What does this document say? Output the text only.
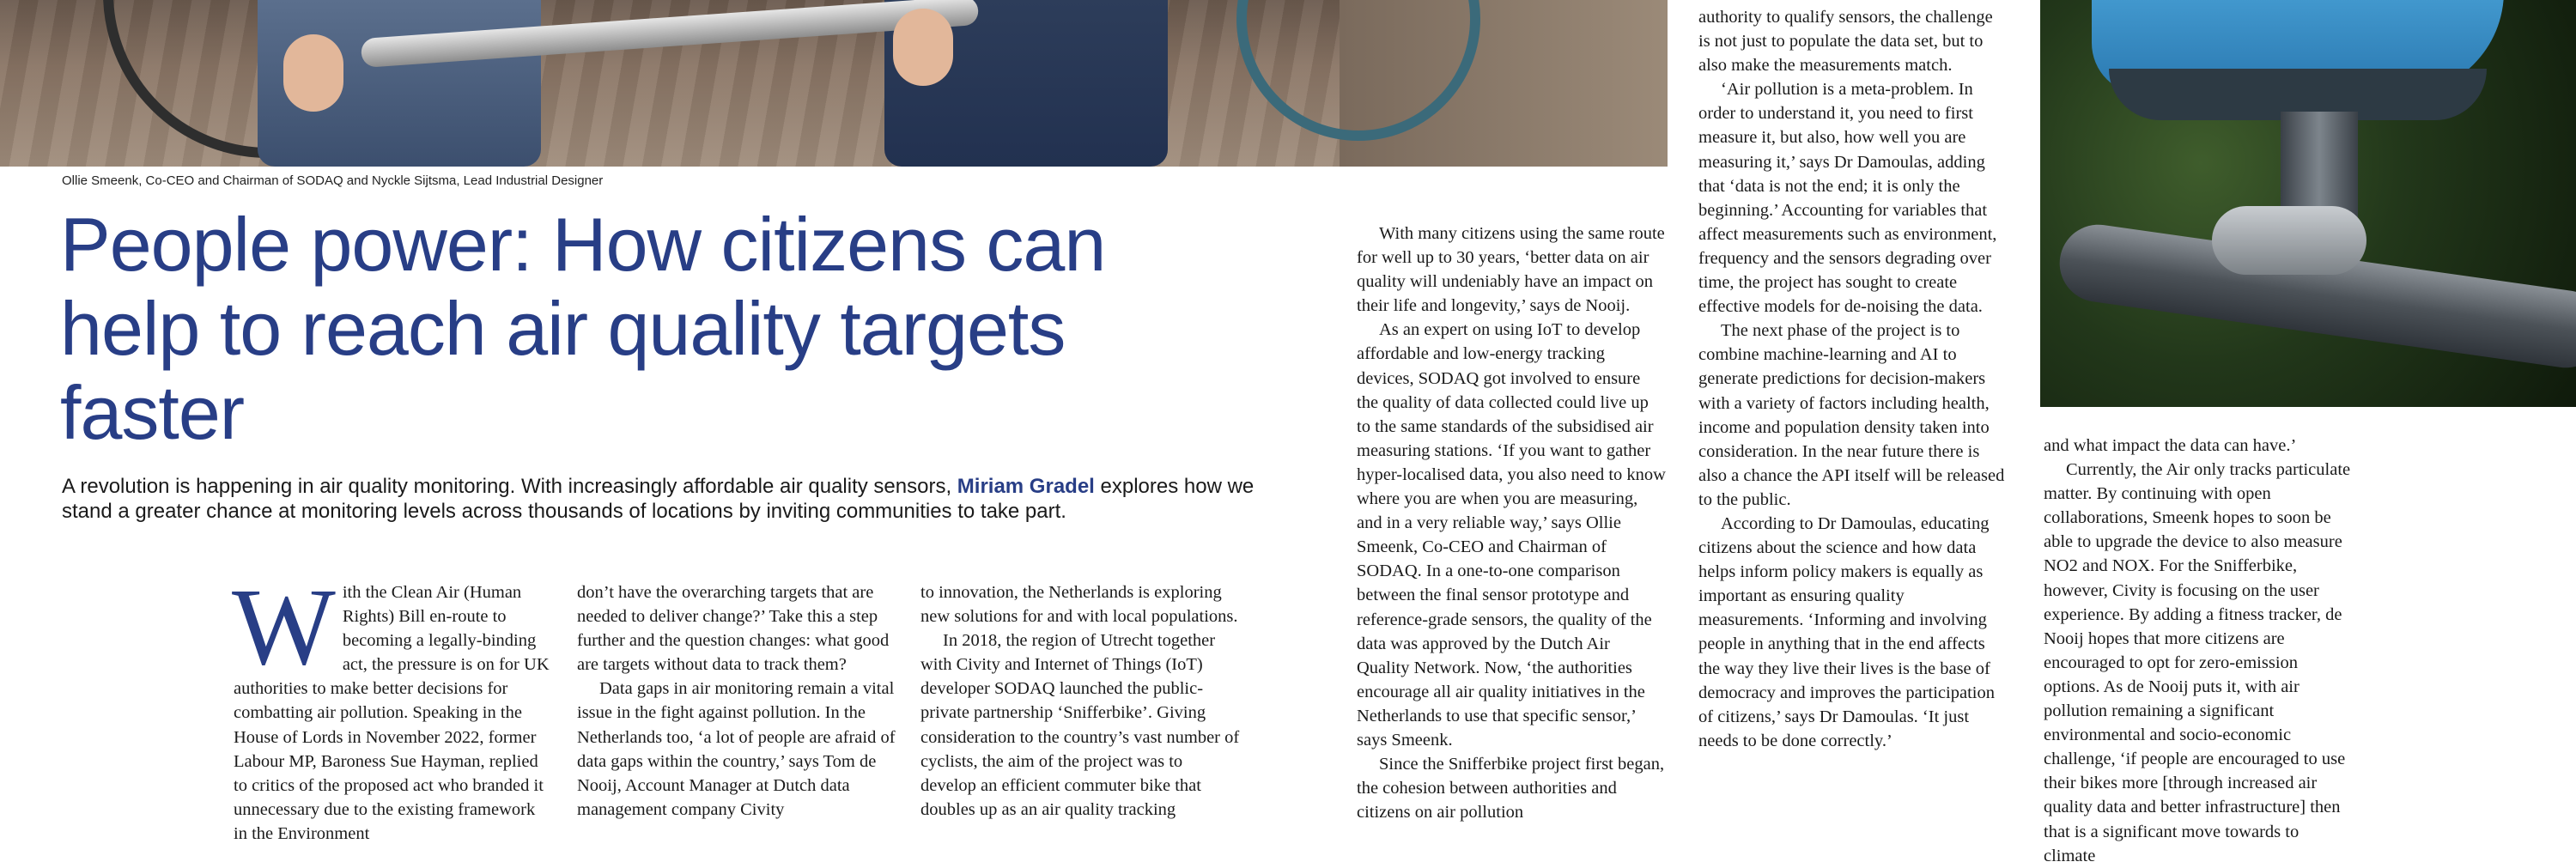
Ollie Smeenk, Co-CEO and Chairman of SODAQ and Nyckle Sijtsma, Lead Industrial Designer
People power: How citizens can help to reach air quality targets faster

A revolution is happening in air quality monitoring. With increasingly affordable air quality sensors, Miriam Gradel explores how we stand a greater chance at monitoring levels across thousands of locations by inviting communities to take part.

With the Clean Air (Human Rights) Bill en-route to becoming a legally-binding act, the pressure is on for UK authorities to make better decisions for combatting air pollution. Speaking in the House of Lords in November 2022, former Labour MP, Baroness Sue Hayman, replied to critics of the proposed act who branded it unnecessary due to the existing framework in the Environment

don’t have the overarching targets that are needed to deliver change?’ Take this a step further and the question changes: what good are targets without data to track them?

Data gaps in air monitoring remain a vital issue in the fight against pollution. In the Netherlands too, ‘a lot of people are afraid of data gaps within the country,’ says Tom de Nooij, Account Manager at Dutch data management company Civity

to innovation, the Netherlands is exploring new solutions for and with local populations.

In 2018, the region of Utrecht together with Civity and Internet of Things (IoT) developer SODAQ launched the public-private partnership ‘Snifferbike’. Giving consideration to the country’s vast number of cyclists, the aim of the project was to develop an efficient commuter bike that doubles up as an air quality tracking

With many citizens using the same route for well up to 30 years, ‘better data on air quality will undeniably have an impact on their life and longevity,’ says de Nooij.

As an expert on using IoT to develop affordable and low-energy tracking devices, SODAQ got involved to ensure the quality of data collected could live up to the same standards of the subsidised air measuring stations. ‘If you want to gather hyper-localised data, you also need to know where you are when you are measuring, and in a very reliable way,’ says Ollie Smeenk, Co-CEO and Chairman of SODAQ. In a one-to-one comparison between the final sensor prototype and reference-grade sensors, the quality of the data was approved by the Dutch Air Quality Network. Now, ‘the authorities encourage all air quality initiatives in the Netherlands to use that specific sensor,’ says Smeenk.

Since the Snifferbike project first began, the cohesion between authorities and citizens on air pollution

authority to qualify sensors, the challenge is not just to populate the data set, but to also make the measurements match.

‘Air pollution is a meta-problem. In order to understand it, you need to first measure it, but also, how well you are measuring it,’ says Dr Damoulas, adding that ‘data is not the end; it is only the beginning.’ Accounting for variables that affect measurements such as environment, frequency and the sensors degrading over time, the project has sought to create effective models for de-noising the data.

The next phase of the project is to combine machine-learning and AI to generate predictions for decision-makers with a variety of factors including health, income and population density taken into consideration. In the near future there is also a chance the API itself will be released to the public.

According to Dr Damoulas, educating citizens about the science and how data helps inform policy makers is equally as important as ensuring quality measurements. ‘Informing and involving people in anything that in the end affects the way they live their lives is the base of democracy and improves the participation of citizens,’ says Dr Damoulas. ‘It just needs to be done correctly.’

and what impact the data can have.’

Currently, the Air only tracks particulate matter. By continuing with open collaborations, Smeenk hopes to soon be able to upgrade the device to also measure NO2 and NOX. For the Snifferbike, however, Civity is focusing on the user experience. By adding a fitness tracker, de Nooij hopes that more citizens are encouraged to opt for zero-emission options. As de Nooij puts it, with air pollution remaining a significant environmental and socio-economic challenge, ‘if people are encouraged to use their bikes more [through increased air quality data and better infrastructure] then that is a significant move towards to climate
